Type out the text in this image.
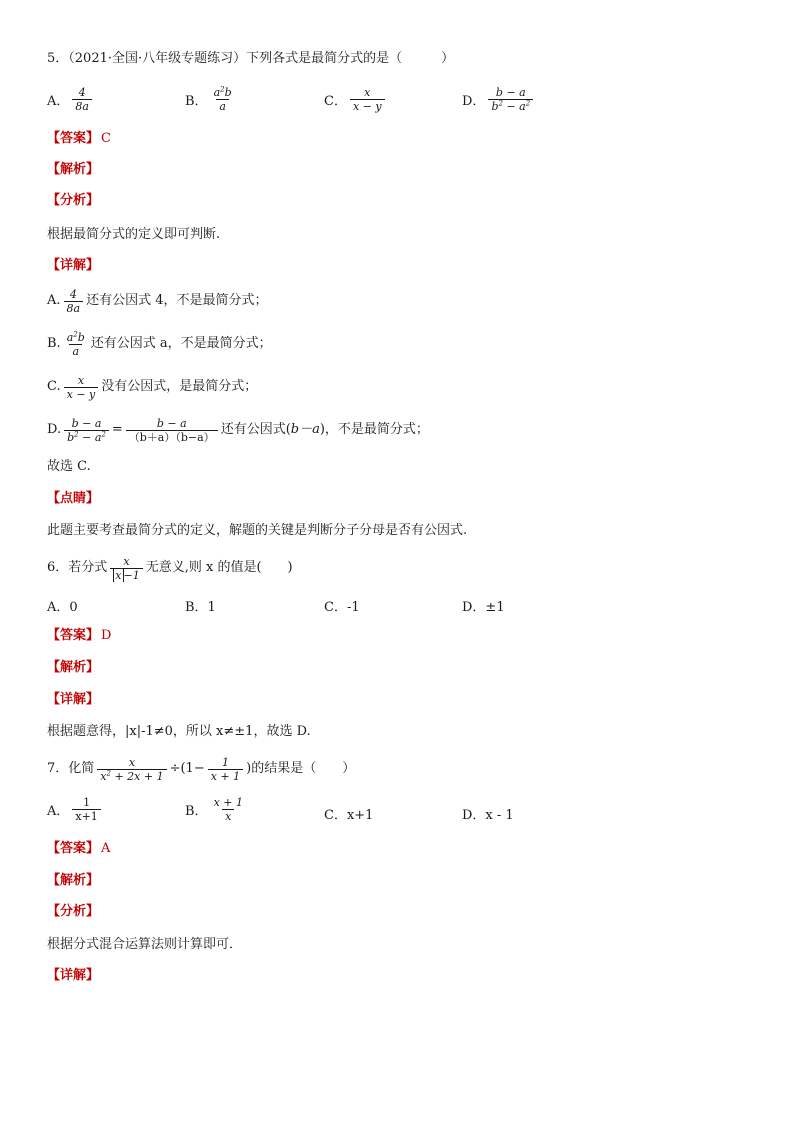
5．（2021·全国·八年级专题练习）下列各式是最简分式的是（　　　）
A． $\frac{4}{8a}$	B． $\frac{a^2b}{a}$	C． $\frac{x}{x - y}$	D． $\frac{b - a}{b^2 - a^2}$
【答案】 C
【解析】
【分析】
根据最简分式的定义即可判断.
【详解】
A. $\frac{4}{8a}$ 还有公因式 4，不是最简分式；
B. $\frac{a^2b}{a}$ 还有公因式 a，不是最简分式；
C. $\frac{x}{x - y}$ 没有公因式，是最简分式；
D. $\frac{b - a}{b^2 - a^2} = \frac{b - a}{(b+a)(b-a)}$ 还有公因式( b－a )，不是最简分式；
故选 C.
【点睛】
此题主要考查最简分式的定义，解题的关键是判断分子分母是否有公因式.
6．若分式 $\frac{x}{x -1}$ 无意义,则 x 的值是(　　)
A．0	B．1	C．-1	D．±1
【答案】 D
【解析】
【详解】
根据题意得，|x|-1≠0，所以 x≠±1，故选 D.
7．化简 $\frac{x}{x^2 + 2x + 1} \div(1- \frac{1}{x + 1}$ )的结果是（　　）
A． $\frac{1}{x+1}$	B． $\frac{x + 1}{x}$	C．x+1	D．x - 1
【答案】 A
【解析】
【分析】
根据分式混合运算法则计算即可．
【详解】
